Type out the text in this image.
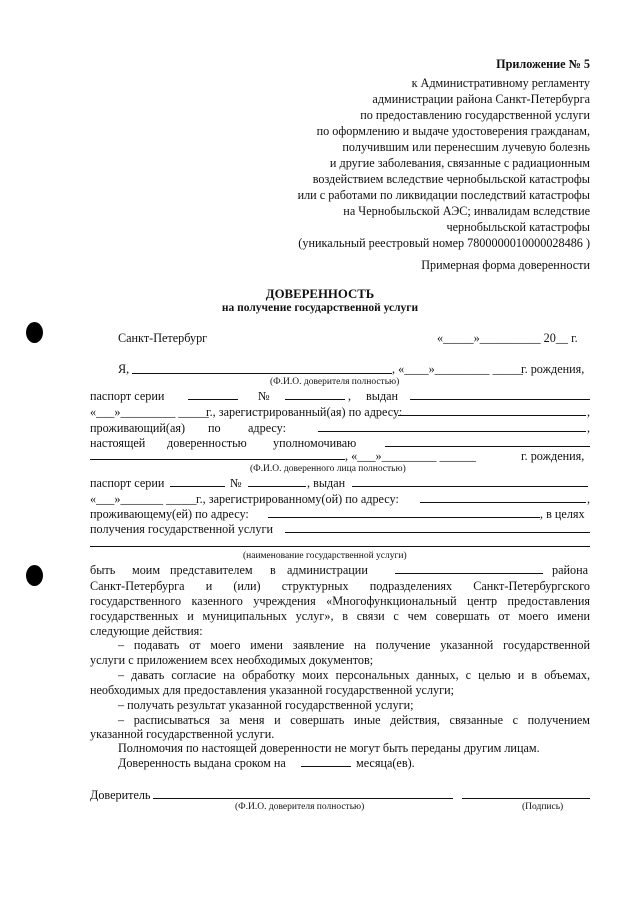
Приложение № 5
к Административному регламенту
администрации района Санкт-Петербурга
по предоставлению государственной услуги
по оформлению и выдаче удостоверения гражданам,
получившим или перенесшим лучевую болезнь
и другие заболевания, связанные с радиационным
воздействием вследствие чернобыльской катастрофы
или с работами по ликвидации последствий катастрофы
на Чернобыльской АЭС; инвалидам вследствие
чернобыльской катастрофы
(уникальный реестровый номер 7800000010000028486 )
Примерная форма доверенности
ДОВЕРЕННОСТЬ
на получение государственной услуги
Санкт-Петербург	«_____»__________ 20__ г.
Я,	, «____»_________ _____
г. рождения,
(Ф.И.О. доверителя полностью)
паспорт серии	№	, выдан
«___»_________ _____
г., зарегистрированный(ая) по адресу:	,
проживающий(ая) по адресу:	,
настоящей доверенностью уполномочиваю
, «___»_________ ______	г. рождения,
(Ф.И.О. доверенного лица полностью)
паспорт серии	№	, выдан
«___»_______ _____ г., зарегистрированному(ой) по адресу:	,
проживающему(ей) по адресу:	, в целях
получения государственной услуги
(наименование государственной услуги)
быть моим представителем в администрации	района
Санкт-Петербурга и (или) структурных подразделениях Санкт-Петербургского
государственного казенного учреждения «Многофункциональный центр предоставления
государственных и муниципальных услуг», в связи с чем совершать от моего имени
следующие действия:
– подавать от моего имени заявление на получение указанной государственной
услуги с приложением всех необходимых документов;
– давать согласие на обработку моих персональных данных, с целью и в объемах,
необходимых для предоставления указанной государственной услуги;
– получать результат указанной государственной услуги;
– расписываться за меня и совершать иные действия, связанные с получением
указанной государственной услуги.
Полномочия по настоящей доверенности не могут быть переданы другим лицам.
Доверенность выдана сроком на	месяца(ев).
Доверитель
(Ф.И.О. доверителя полностью)	(Подпись)
